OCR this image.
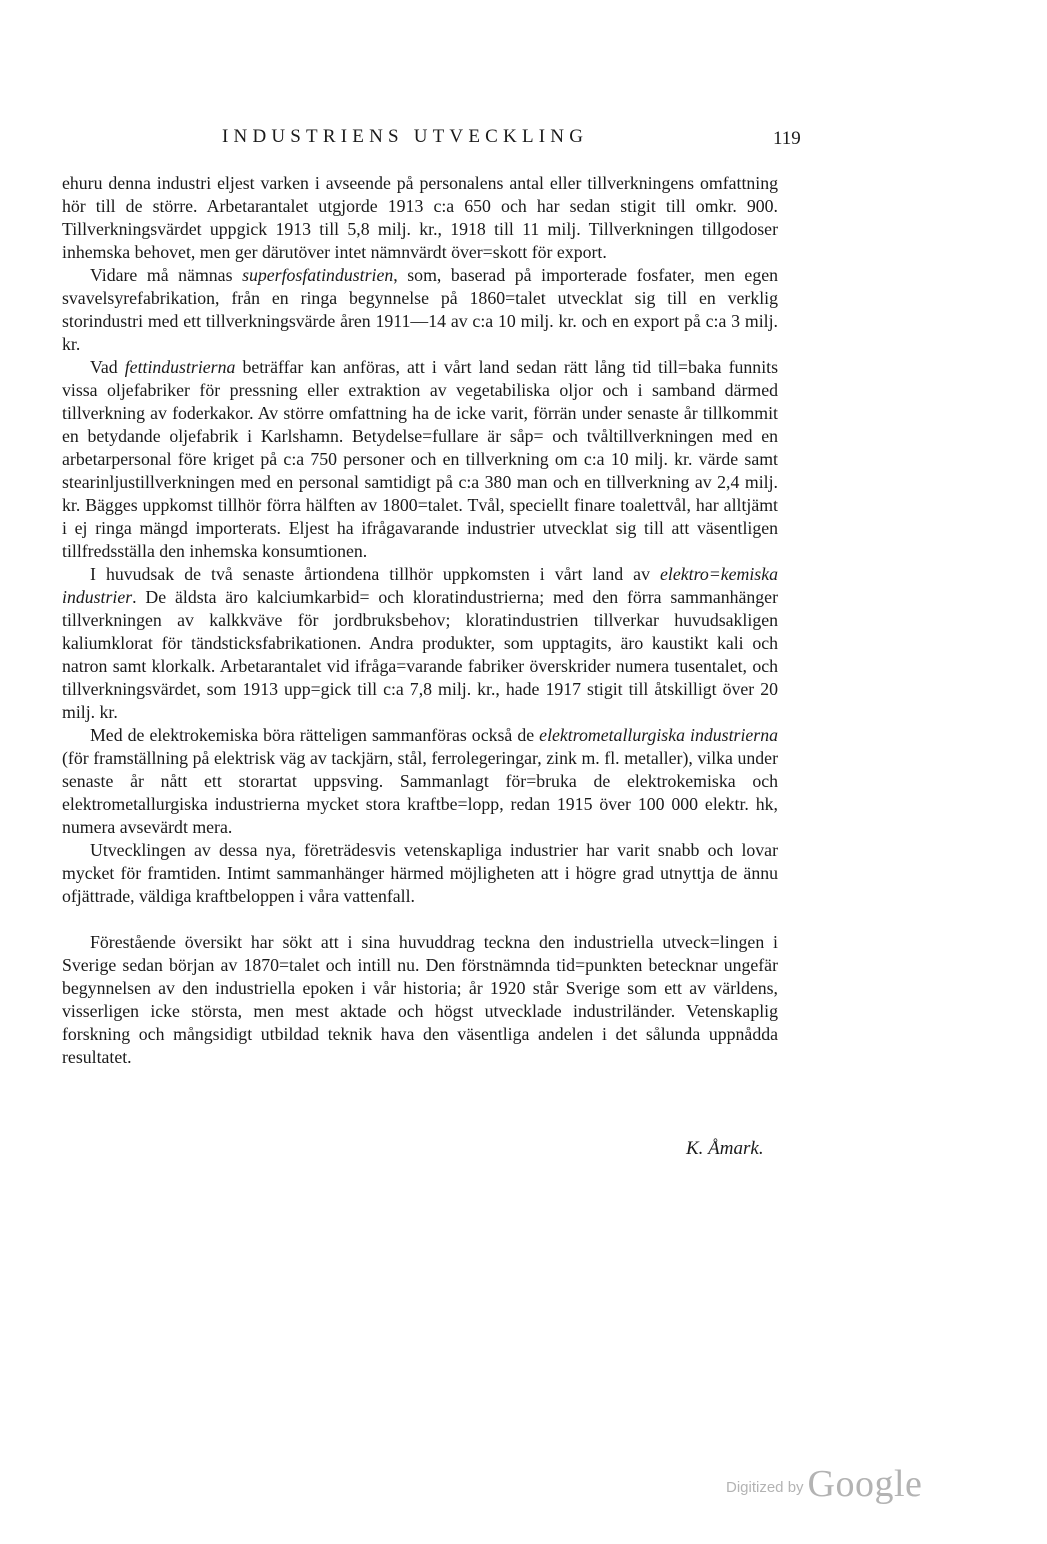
INDUSTRIENS UTVECKLING	119

ehuru denna industri eljest varken i avseende på personalens antal eller tillverkningens omfattning hör till de större. Arbetarantalet utgjorde 1913 c:a 650 och har sedan stigit till omkr. 900. Tillverkningsvärdet uppgick 1913 till 5,8 milj. kr., 1918 till 11 milj. Tillverkningen tillgodoser inhemska behovet, men ger därutöver intet nämnvärdt över=skott för export.

Vidare må nämnas superfosfatindustrien, som, baserad på importerade fosfater, men egen svavelsyrefabrikation, från en ringa begynnelse på 1860=talet utvecklat sig till en verklig storindustri med ett tillverkningsvärde åren 1911—14 av c:a 10 milj. kr. och en export på c:a 3 milj. kr.

Vad fettindustrierna beträffar kan anföras, att i vårt land sedan rätt lång tid till=baka funnits vissa oljefabriker för pressning eller extraktion av vegetabiliska oljor och i samband därmed tillverkning av foderkakor. Av större omfattning ha de icke varit, förrän under senaste år tillkommit en betydande oljefabrik i Karlshamn. Betydelse=fullare är såp= och tvåltillverkningen med en arbetarpersonal före kriget på c:a 750 personer och en tillverkning om c:a 10 milj. kr. värde samt stearinljustillverkningen med en personal samtidigt på c:a 380 man och en tillverkning av 2,4 milj. kr. Bägges uppkomst tillhör förra hälften av 1800=talet. Tvål, speciellt finare toalettvål, har alltjämt i ej ringa mängd importerats. Eljest ha ifrågavarande industrier utvecklat sig till att väsentligen tillfredsställa den inhemska konsumtionen.

I huvudsak de två senaste årtiondena tillhör uppkomsten i vårt land av elektro=kemiska industrier. De äldsta äro kalciumkarbid= och kloratindustrierna; med den förra sammanhänger tillverkningen av kalkkväve för jordbruksbehov; kloratindustrien tillverkar huvudsakligen kaliumklorat för tändsticksfabrikationen. Andra produkter, som upptagits, äro kaustikt kali och natron samt klorkalk. Arbetarantalet vid ifråga=varande fabriker överskrider numera tusentalet, och tillverkningsvärdet, som 1913 upp=gick till c:a 7,8 milj. kr., hade 1917 stigit till åtskilligt över 20 milj. kr.

Med de elektrokemiska böra rätteligen sammanföras också de elektrometallurgiska industrierna (för framställning på elektrisk väg av tackjärn, stål, ferrolegeringar, zink m. fl. metaller), vilka under senaste år nått ett storartat uppsving. Sammanlagt för=bruka de elektrokemiska och elektrometallurgiska industrierna mycket stora kraftbe=lopp, redan 1915 över 100 000 elektr. hk, numera avsevärdt mera.

Utvecklingen av dessa nya, företrädesvis vetenskapliga industrier har varit snabb och lovar mycket för framtiden. Intimt sammanhänger härmed möjligheten att i högre grad utnyttja de ännu ofjättrade, väldiga kraftbeloppen i våra vattenfall.

Förestående översikt har sökt att i sina huvuddrag teckna den industriella utveck=lingen i Sverige sedan början av 1870=talet och intill nu. Den förstnämnda tid=punkten betecknar ungefär begynnelsen av den industriella epoken i vår historia; år 1920 står Sverige som ett av världens, visserligen icke största, men mest aktade och högst utvecklade industriländer. Vetenskaplig forskning och mångsidigt utbildad teknik hava den väsentliga andelen i det sålunda uppnådda resultatet.

K. Åmark.
Digitized by Google
